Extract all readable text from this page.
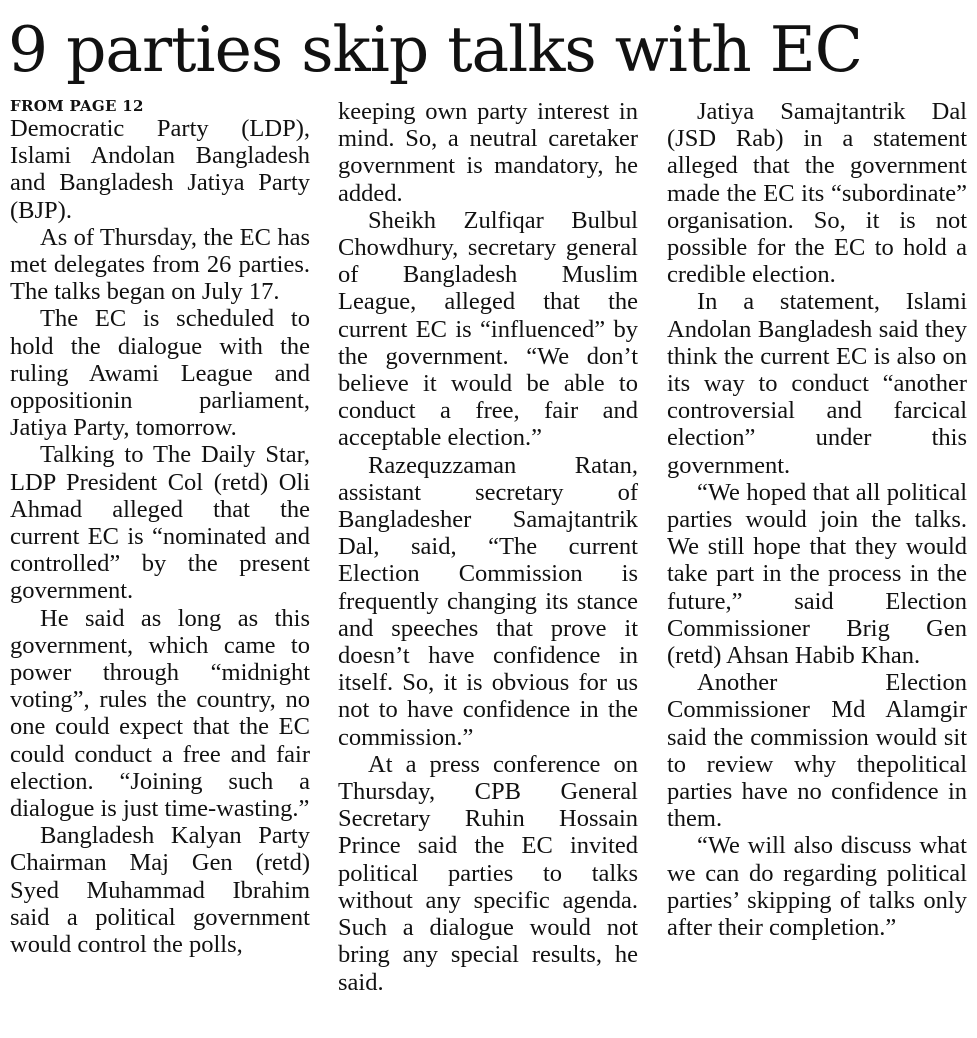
9 parties skip talks with EC
FROM PAGE 12

Democratic Party (LDP), Islami Andolan Bangladesh and Bangladesh Jatiya Party (BJP).

As of Thursday, the EC has met delegates from 26 parties. The talks began on July 17.

The EC is scheduled to hold the dialogue with the ruling Awami League and oppositionin parliament, Jatiya Party, tomorrow.

Talking to The Daily Star, LDP President Col (retd) Oli Ahmad alleged that the current EC is “nominated and controlled” by the present government.

He said as long as this government, which came to power through “midnight voting”, rules the country, no one could expect that the EC could conduct a free and fair election. “Joining such a dialogue is just time-wasting.”

Bangladesh Kalyan Party Chairman Maj Gen (retd) Syed Muhammad Ibrahim said a political government would control the polls,

keeping own party interest in mind. So, a neutral caretaker government is mandatory, he added.

Sheikh Zulfiqar Bulbul Chowdhury, secretary general of Bangladesh Muslim League, alleged that the current EC is “influenced” by the government. “We don’t believe it would be able to conduct a free, fair and acceptable election.”

Razequzzaman Ratan, assistant secretary of Bangladesher Samajtantrik Dal, said, “The current Election Commission is frequently changing its stance and speeches that prove it doesn’t have confidence in itself. So, it is obvious for us not to have confidence in the commission.”

At a press conference on Thursday, CPB General Secretary Ruhin Hossain Prince said the EC invited political parties to talks without any specific agenda. Such a dialogue would not bring any special results, he said.

Jatiya Samajtantrik Dal (JSD Rab) in a statement alleged that the government made the EC its “subordinate” organisation. So, it is not possible for the EC to hold a credible election.

In a statement, Islami Andolan Bangladesh said they think the current EC is also on its way to conduct “another controversial and farcical election” under this government.

“We hoped that all political parties would join the talks. We still hope that they would take part in the process in the future,” said Election Commissioner Brig Gen (retd) Ahsan Habib Khan.

Another Election Commissioner Md Alamgir said the commission would sit to review why thepolitical parties have no confidence in them.

“We will also discuss what we can do regarding political parties’ skipping of talks only after their completion.”
